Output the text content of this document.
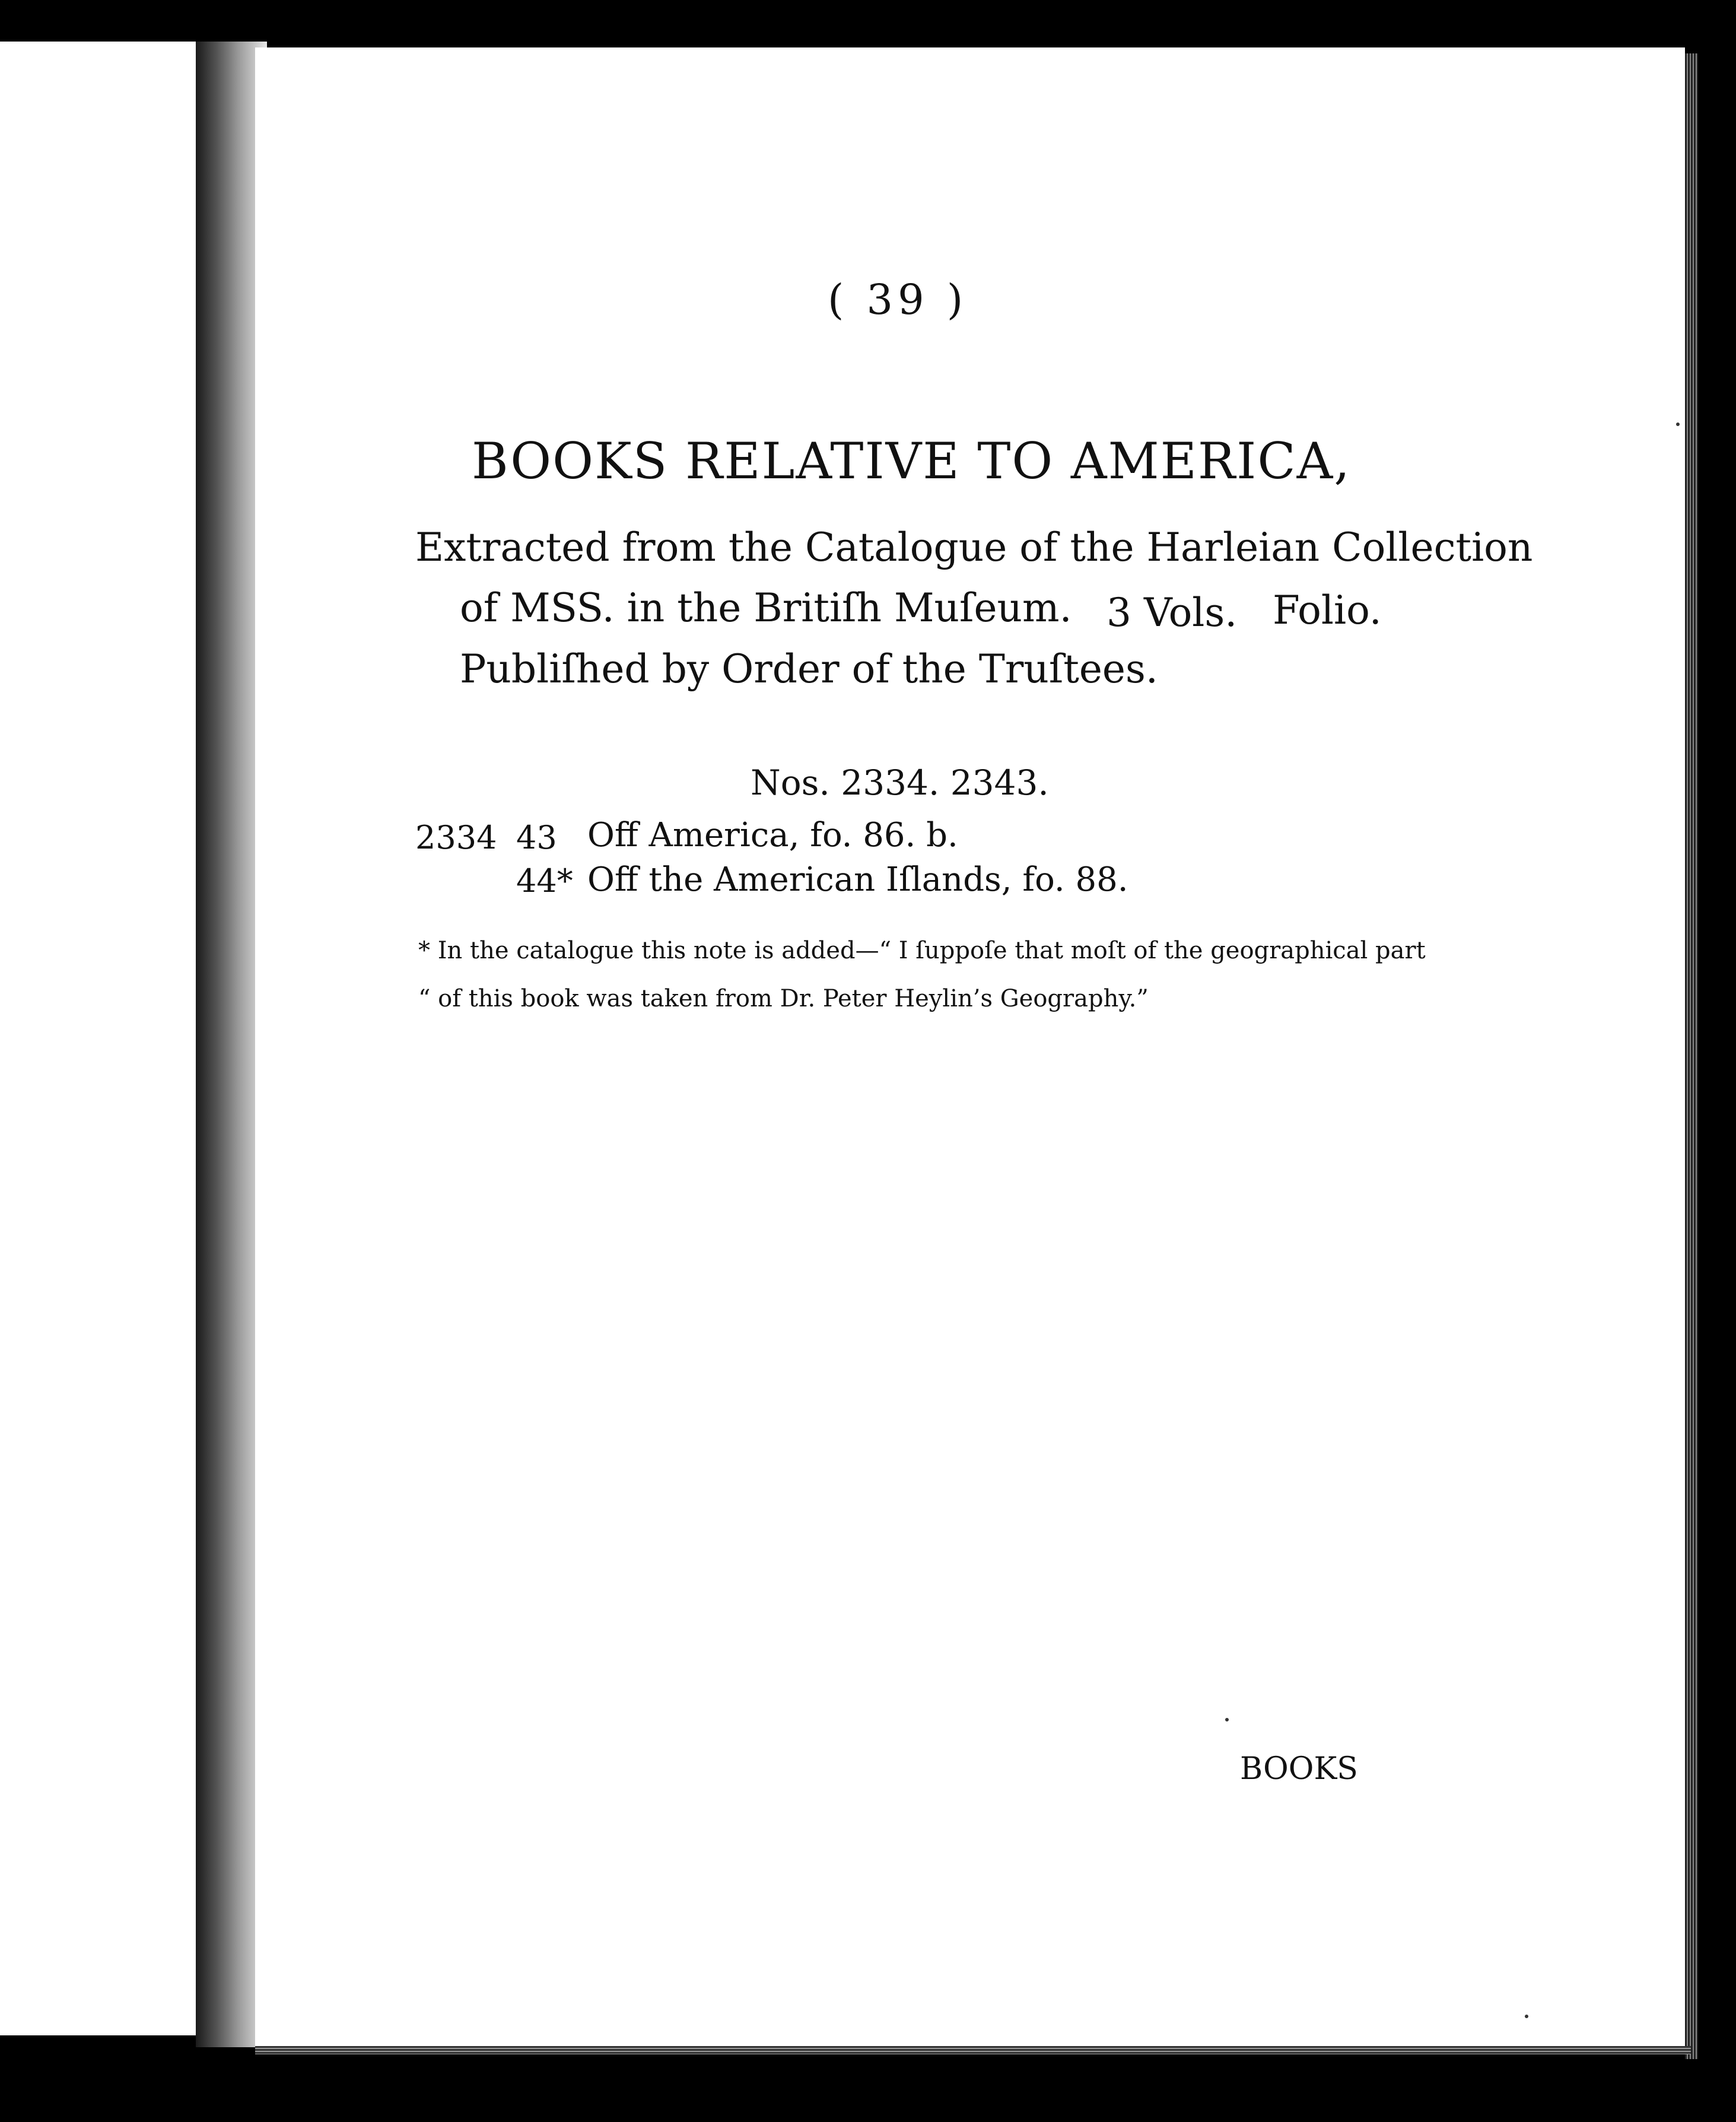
( 39 )
BOOKS RELATIVE TO AMERICA,
Extracted from the Catalogue of the Harleian Collection
of MSS. in the Britiſh Muſeum. 3 Vols. Folio.
Publiſhed by Order of the Truſtees.
Nos. 2334. 2343.
2334 43 Off America, fo. 86. b.
44* Off the American Iſlands, fo. 88.
* In the catalogue this note is added—“ I ſuppoſe that moſt of the geographical part
“ of this book was taken from Dr. Peter Heylin’s Geography.”
BOOKS
